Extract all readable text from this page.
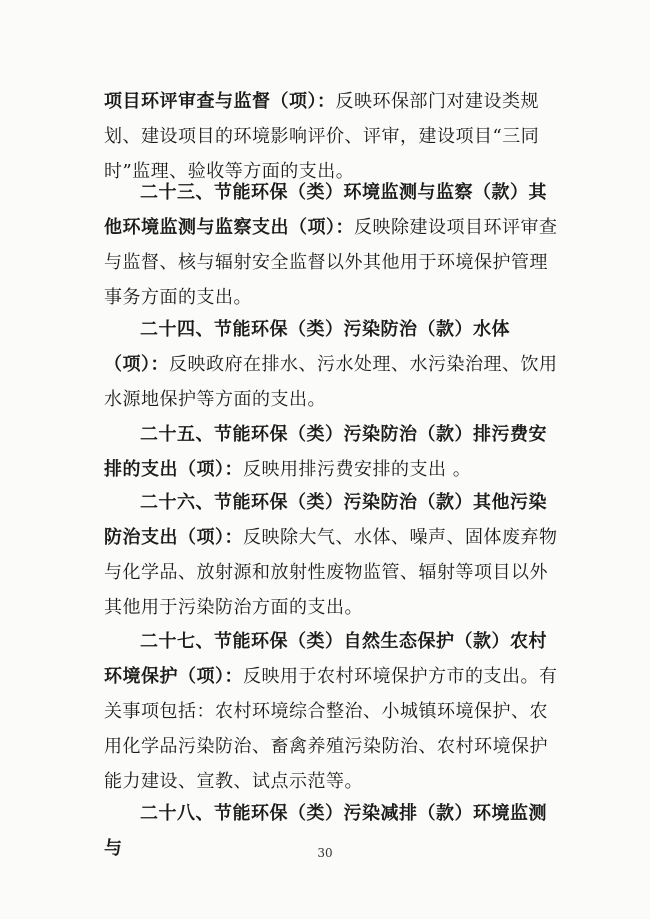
项目环评审查与监督（项）：反映环保部门对建设类规划、建设项目的环境影响评价、评审，建设项目“三同时”监理、验收等方面的支出。

二十三、节能环保（类）环境监测与监察（款）其他环境监测与监察支出（项）：反映除建设项目环评审查与监督、核与辐射安全监督以外其他用于环境保护管理事务方面的支出。

二十四、节能环保（类）污染防治（款）水体（项）：反映政府在排水、污水处理、水污染治理、饮用水源地保护等方面的支出。

二十五、节能环保（类）污染防治（款）排污费安排的支出（项）：反映用排污费安排的支出 。

二十六、节能环保（类）污染防治（款）其他污染防治支出（项）：反映除大气、水体、噪声、固体废弃物与化学品、放射源和放射性废物监管、辐射等项目以外其他用于污染防治方面的支出。

二十七、节能环保（类）自然生态保护（款）农村环境保护（项）：反映用于农村环境保护方市的支出。有关事项包括：农村环境综合整治、小城镇环境保护、农用化学品污染防治、畜禽养殖污染防治、农村环境保护能力建设、宣教、试点示范等。

二十八、节能环保（类）污染减排（款）环境监测与	30
